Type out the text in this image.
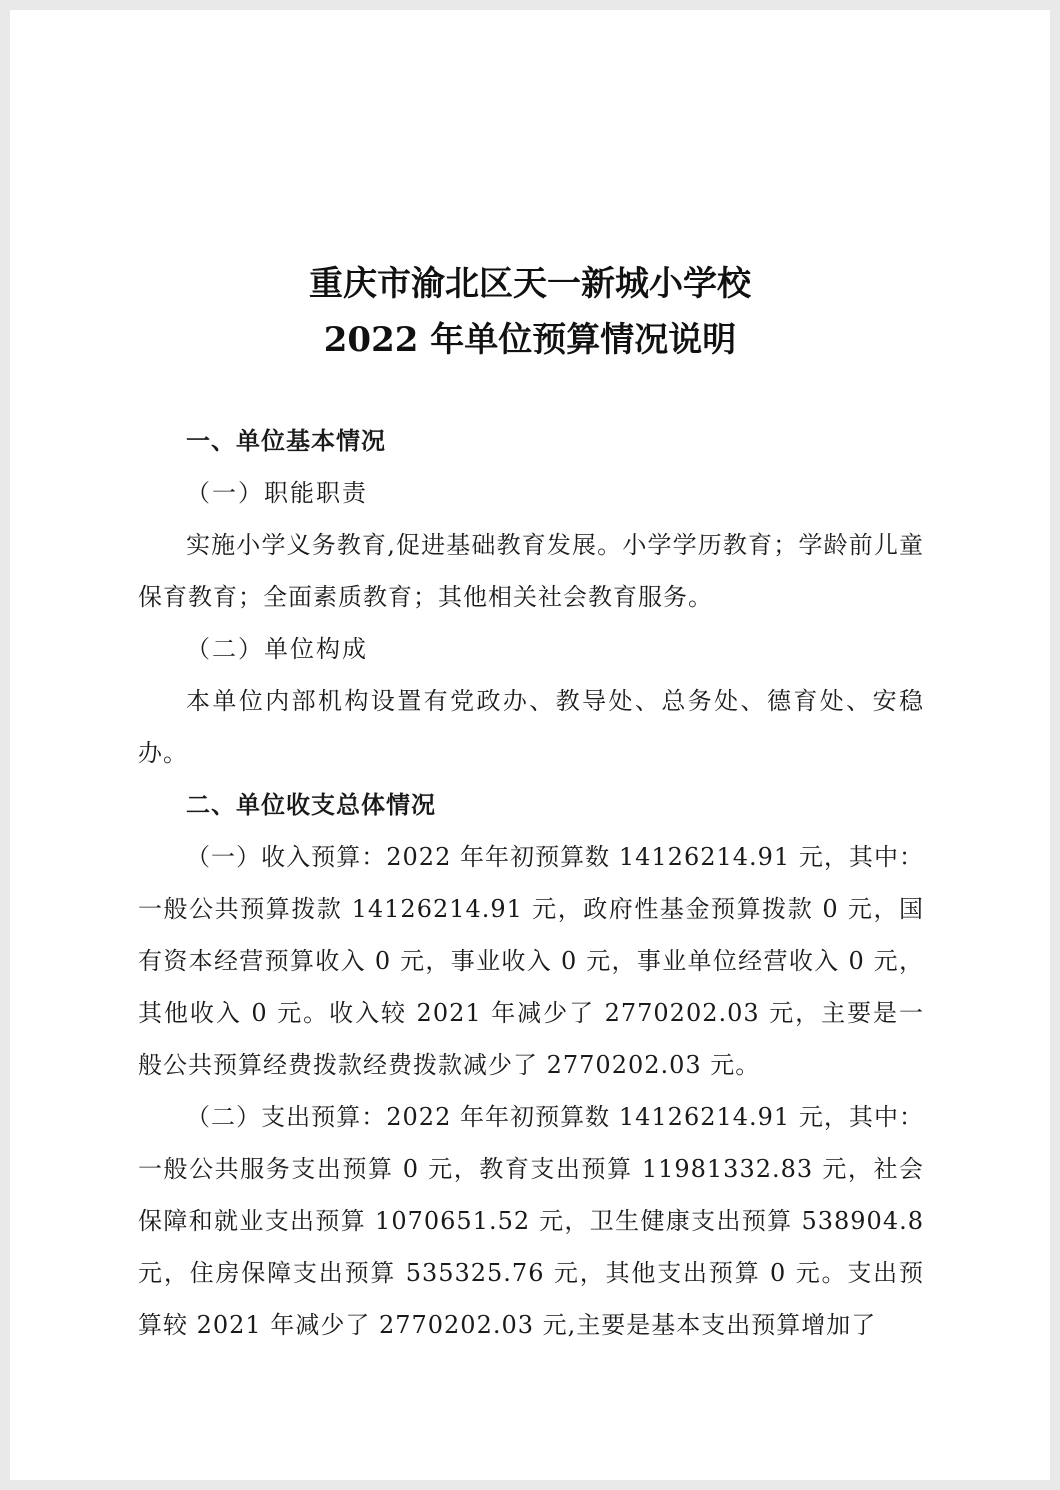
重庆市渝北区天一新城小学校
2022 年单位预算情况说明

一、单位基本情况

（一）职能职责

实施小学义务教育,促进基础教育发展。小学学历教育；学龄前儿童保育教育；全面素质教育；其他相关社会教育服务。

（二）单位构成

本单位内部机构设置有党政办、教导处、总务处、德育处、安稳办。

二、单位收支总体情况

（一）收入预算：2022 年年初预算数 14126214.91 元，其中：一般公共预算拨款 14126214.91 元，政府性基金预算拨款 0 元，国有资本经营预算收入 0 元，事业收入 0 元，事业单位经营收入 0 元，其他收入 0 元。收入较 2021 年减少了 2770202.03 元，主要是一般公共预算经费拨款经费拨款减少了 2770202.03 元。

（二）支出预算：2022 年年初预算数 14126214.91 元，其中：一般公共服务支出预算 0 元，教育支出预算 11981332.83 元，社会保障和就业支出预算 1070651.52 元，卫生健康支出预算 538904.8 元，住房保障支出预算 535325.76 元，其他支出预算 0 元。支出预算较 2021 年减少了 2770202.03 元,主要是基本支出预算增加了
